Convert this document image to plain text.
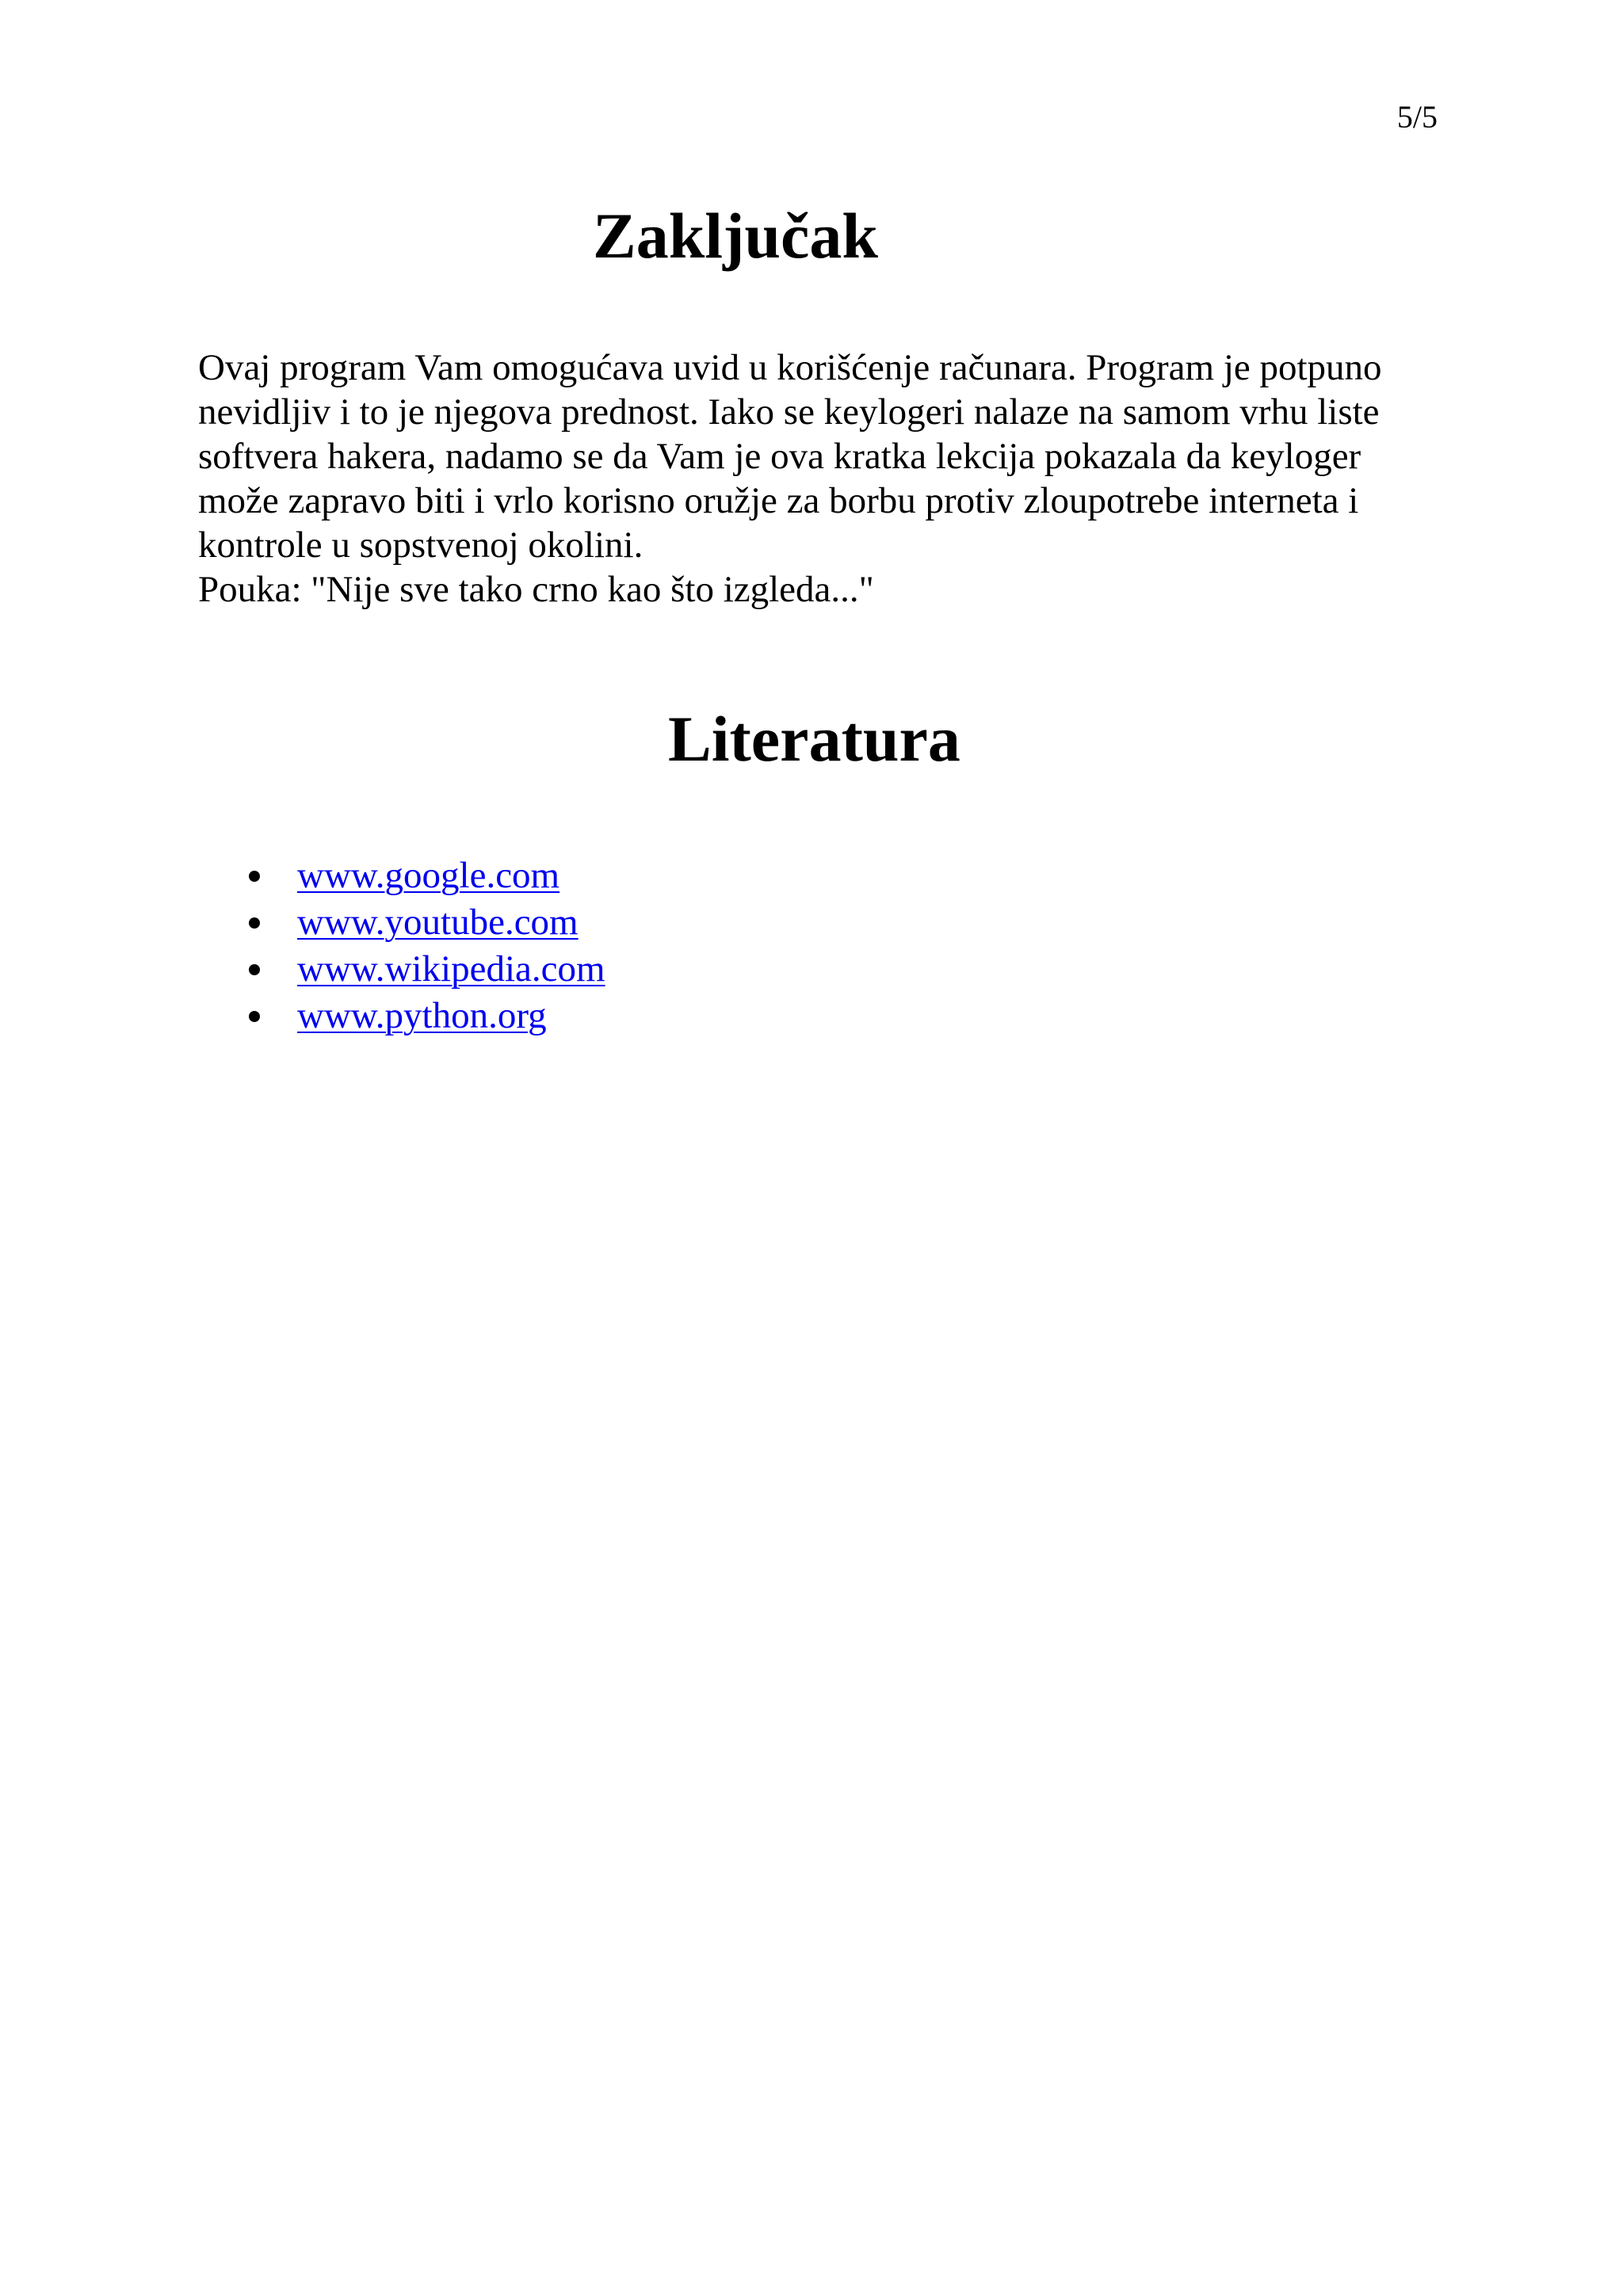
5/5

Zaključak

Ovaj program Vam omogućava uvid u korišćenje računara. Program je potpuno nevidljiv i to je njegova prednost. Iako se keylogeri nalaze na samom vrhu liste softvera hakera, nadamo se da Vam je ova kratka lekcija pokazala da keyloger može zapravo biti i vrlo korisno oružje za borbu protiv zloupotrebe interneta i kontrole u sopstvenoj okolini.

Pouka: "Nije sve tako crno kao što izgleda..."

Literatura
www.google.com
www.youtube.com
www.wikipedia.com
www.python.org
